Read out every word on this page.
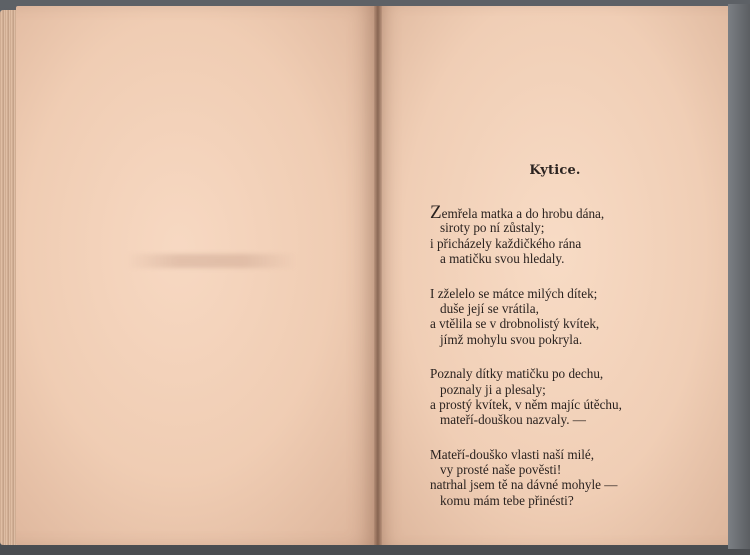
Kytice.
Zemřela matka a do hrobu dána,
siroty po ní zůstaly;
i přicházely každičkého rána
a matičku svou hledaly.
I zželelo se mátce milých dítek;
duše její se vrátila,
a vtělila se v drobnolistý kvítek,
jímž mohylu svou pokryla.
Poznaly dítky matičku po dechu,
poznaly ji a plesaly;
a prostý kvítek, v něm majíc útěchu,
mateří-douškou nazvaly. —
Mateří-douško vlasti naší milé,
vy prosté naše pověsti!
natrhal jsem tě na dávné mohyle —
komu mám tebe přinésti?
